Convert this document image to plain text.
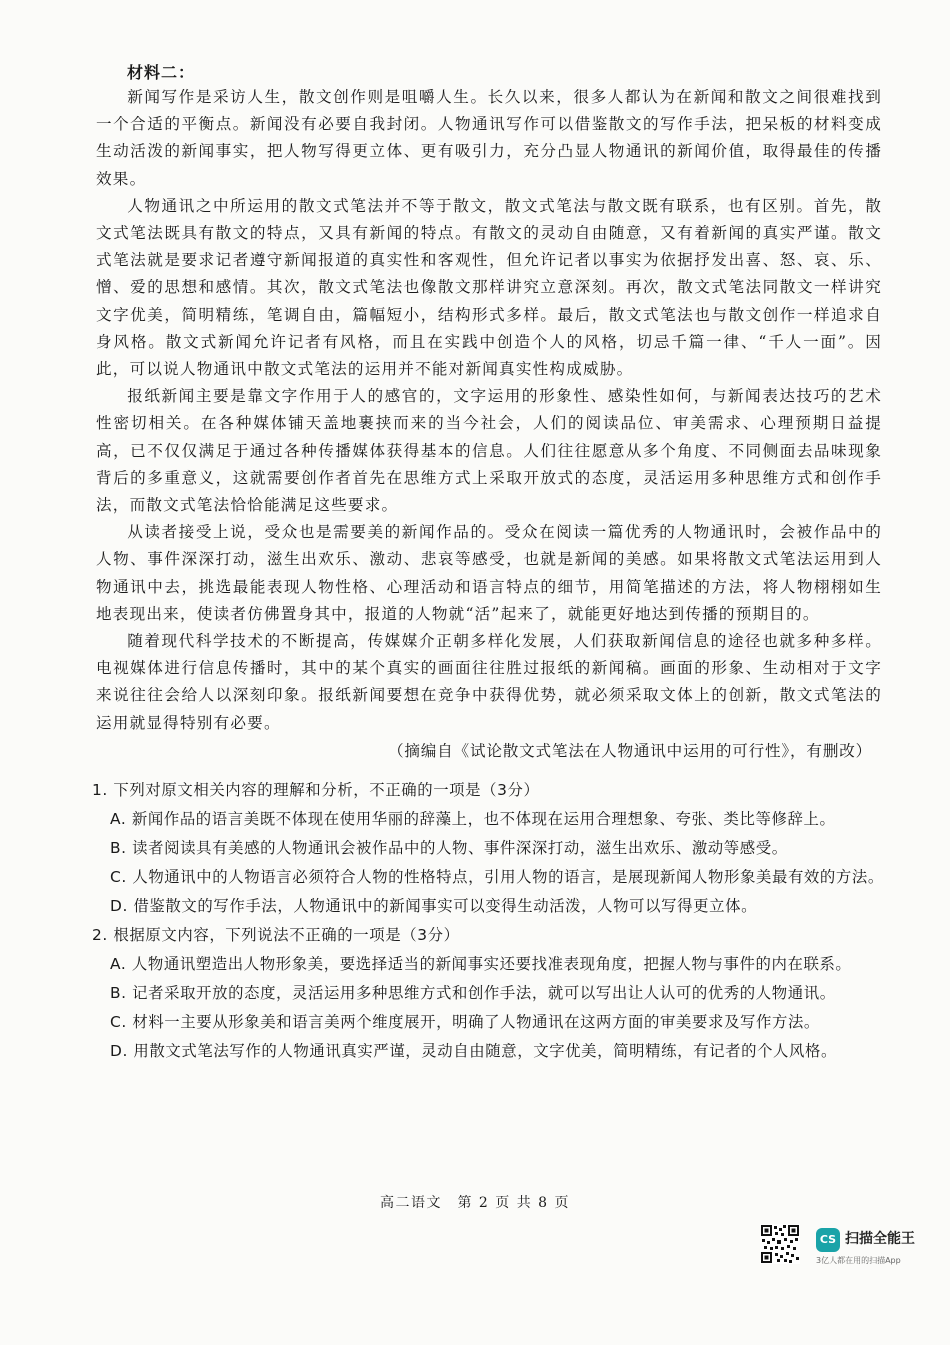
材料二：

新闻写作是采访人生，散文创作则是咀嚼人生。长久以来，很多人都认为在新闻和散文之间很难找到一个合适的平衡点。新闻没有必要自我封闭。人物通讯写作可以借鉴散文的写作手法，把呆板的材料变成生动活泼的新闻事实，把人物写得更立体、更有吸引力，充分凸显人物通讯的新闻价值，取得最佳的传播效果。

人物通讯之中所运用的散文式笔法并不等于散文，散文式笔法与散文既有联系，也有区别。首先，散文式笔法既具有散文的特点，又具有新闻的特点。有散文的灵动自由随意，又有着新闻的真实严谨。散文式笔法就是要求记者遵守新闻报道的真实性和客观性，但允许记者以事实为依据抒发出喜、怒、哀、乐、憎、爱的思想和感情。其次，散文式笔法也像散文那样讲究立意深刻。再次，散文式笔法同散文一样讲究文字优美，简明精练，笔调自由，篇幅短小，结构形式多样。最后，散文式笔法也与散文创作一样追求自身风格。散文式新闻允许记者有风格，而且在实践中创造个人的风格，切忌千篇一律、“千人一面”。因此，可以说人物通讯中散文式笔法的运用并不能对新闻真实性构成威胁。

报纸新闻主要是靠文字作用于人的感官的，文字运用的形象性、感染性如何，与新闻表达技巧的艺术性密切相关。在各种媒体铺天盖地裹挟而来的当今社会，人们的阅读品位、审美需求、心理预期日益提高，已不仅仅满足于通过各种传播媒体获得基本的信息。人们往往愿意从多个角度、不同侧面去品味现象背后的多重意义，这就需要创作者首先在思维方式上采取开放式的态度，灵活运用多种思维方式和创作手法，而散文式笔法恰恰能满足这些要求。

从读者接受上说，受众也是需要美的新闻作品的。受众在阅读一篇优秀的人物通讯时，会被作品中的人物、事件深深打动，滋生出欢乐、激动、悲哀等感受，也就是新闻的美感。如果将散文式笔法运用到人物通讯中去，挑选最能表现人物性格、心理活动和语言特点的细节，用简笔描述的方法，将人物栩栩如生地表现出来，使读者仿佛置身其中，报道的人物就“活”起来了，就能更好地达到传播的预期目的。

随着现代科学技术的不断提高，传媒媒介正朝多样化发展，人们获取新闻信息的途径也就多种多样。电视媒体进行信息传播时，其中的某个真实的画面往往胜过报纸的新闻稿。画面的形象、生动相对于文字来说往往会给人以深刻印象。报纸新闻要想在竞争中获得优势，就必须采取文体上的创新，散文式笔法的运用就显得特别有必要。

（摘编自《试论散文式笔法在人物通讯中运用的可行性》，有删改）

1. 下列对原文相关内容的理解和分析，不正确的一项是（3分）

A. 新闻作品的语言美既不体现在使用华丽的辞藻上，也不体现在运用合理想象、夸张、类比等修辞上。

B. 读者阅读具有美感的人物通讯会被作品中的人物、事件深深打动，滋生出欢乐、激动等感受。

C. 人物通讯中的人物语言必须符合人物的性格特点，引用人物的语言，是展现新闻人物形象美最有效的方法。

D. 借鉴散文的写作手法，人物通讯中的新闻事实可以变得生动活泼，人物可以写得更立体。

2. 根据原文内容，下列说法不正确的一项是（3分）

A. 人物通讯塑造出人物形象美，要选择适当的新闻事实还要找准表现角度，把握人物与事件的内在联系。

B. 记者采取开放的态度，灵活运用多种思维方式和创作手法，就可以写出让人认可的优秀的人物通讯。

C. 材料一主要从形象美和语言美两个维度展开，明确了人物通讯在这两方面的审美要求及写作方法。

D. 用散文式笔法写作的人物通讯真实严谨，灵动自由随意，文字优美，简明精练，有记者的个人风格。

高二语文　第 2 页 共 8 页
CS 扫描全能王
3亿人都在用的扫描App
